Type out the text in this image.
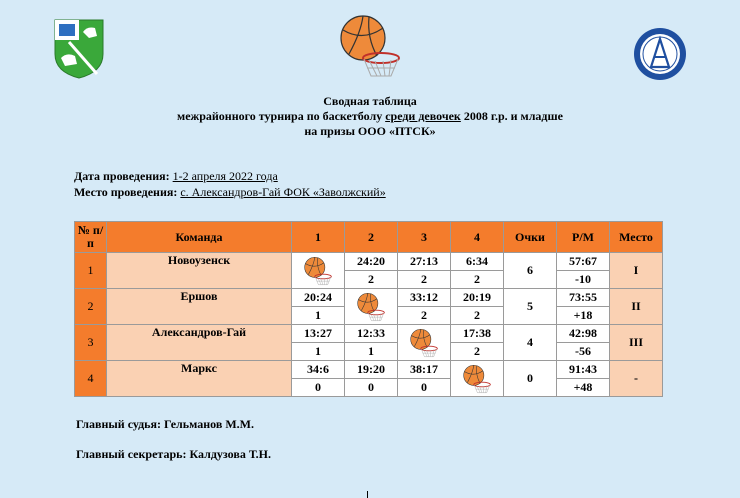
Сводная таблица
межрайонного турнира по баскетболу среди девочек 2008 г.р. и младше
на призы ООО «ПТСК»
Дата проведения: 1-2 апреля 2022 года
Место проведения: с. Александров-Гай ФОК «Заволжский»
№ п/п	Команда	1	2	3	4	Очки	Р/М	Место
1	Новоузенск		24:20	27:13	6:34	6	57:67	I
			2	2	2		-10	
2	Ершов	20:24		33:12	20:19	5	73:55	II
		1		2	2		+18	
3	Александров-Гай	13:27	12:33		17:38	4	42:98	III
		1	1		2		-56	
4	Маркс	34:6	19:20	38:17		0	91:43	-
		0	0	0			+48	
Главный судья: Гельманов М.М.
Главный секретарь: Калдузова Т.Н.
